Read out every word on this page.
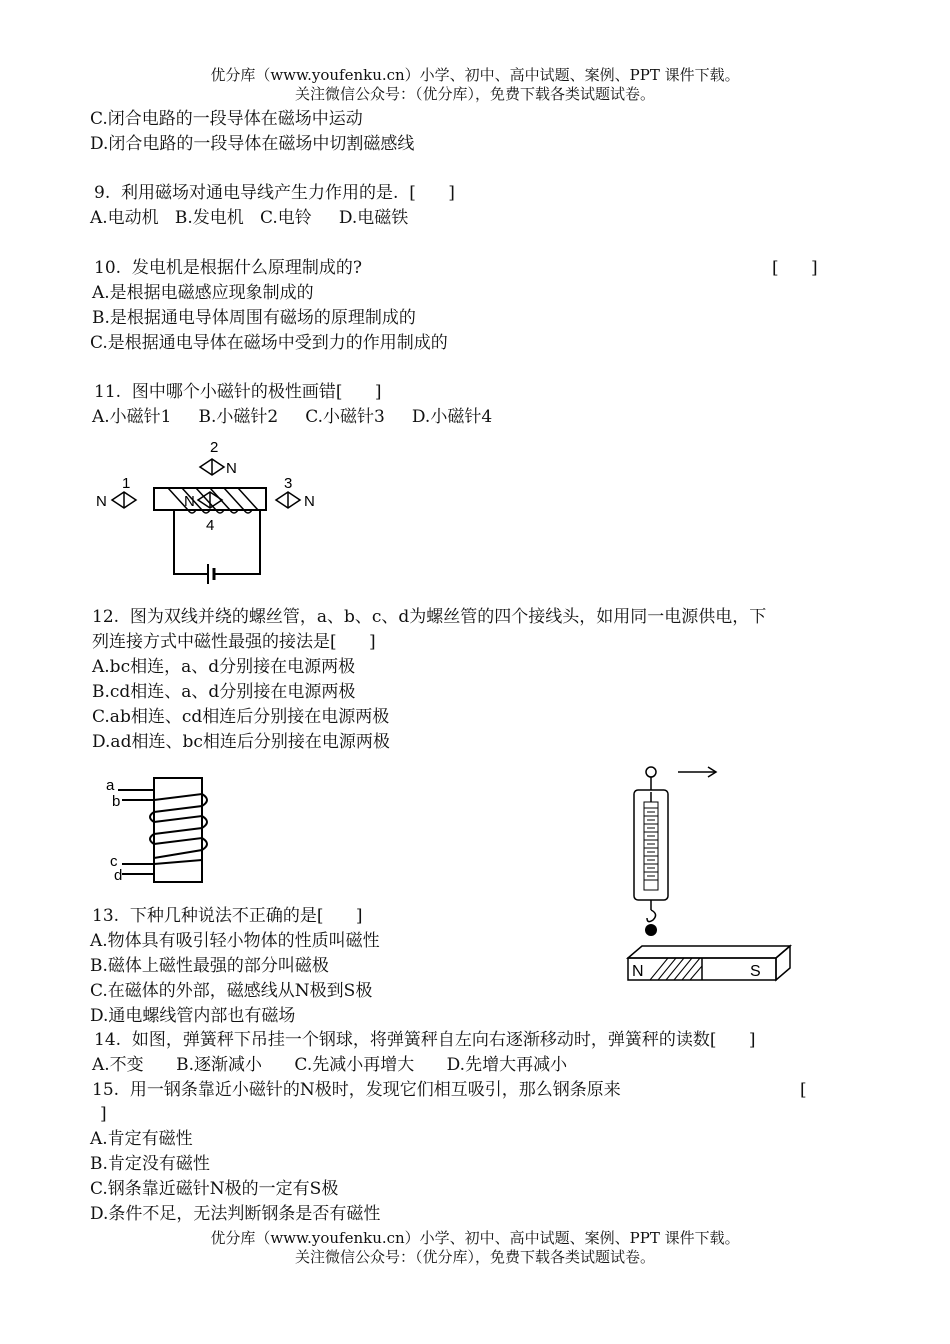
优分库（www.youfenku.cn）小学、初中、高中试题、案例、PPT 课件下载。
关注微信公众号：（优分库），免费下载各类试题试卷。
C.闭合电路的一段导体在磁场中运动
D.闭合电路的一段导体在磁场中切割磁感线
9.  利用磁场对通电导线产生力作用的是.  [      ]
A.电动机   B.发电机   C.电铃     D.电磁铁
10.  发电机是根据什么原理制成的?	[      ]
A.是根据电磁感应现象制成的
B.是根据通电导体周围有磁场的原理制成的
C.是根据通电导体在磁场中受到力的作用制成的
11.  图中哪个小磁针的极性画错[      ]
A.小磁针1     B.小磁针2     C.小磁针3     D.小磁针4
N
1
N
2
N
3
N
4
12.  图为双线并绕的螺丝管，a、b、c、d为螺丝管的四个接线头，如用同一电源供电，下
列连接方式中磁性最强的接法是[      ]
A.bc相连，a、d分别接在电源两极
B.cd相连、a、d分别接在电源两极
C.ab相连、cd相连后分别接在电源两极
D.ad相连、bc相连后分别接在电源两极
a
b
c
d
N	S
13.  下种几种说法不正确的是[      ]
A.物体具有吸引轻小物体的性质叫磁性
B.磁体上磁性最强的部分叫磁极
C.在磁体的外部，磁感线从N极到S极
D.通电螺线管内部也有磁场
14.  如图，弹簧秤下吊挂一个钢球，将弹簧秤自左向右逐渐移动时，弹簧秤的读数[      ]
A.不变      B.逐渐减小      C.先减小再增大      D.先增大再减小
15.  用一钢条靠近小磁针的N极时，发现它们相互吸引，那么钢条原来	[
]
A.肯定有磁性
B.肯定没有磁性
C.钢条靠近磁针N极的一定有S极
D.条件不足，无法判断钢条是否有磁性
优分库（www.youfenku.cn）小学、初中、高中试题、案例、PPT 课件下载。
关注微信公众号：（优分库），免费下载各类试题试卷。
